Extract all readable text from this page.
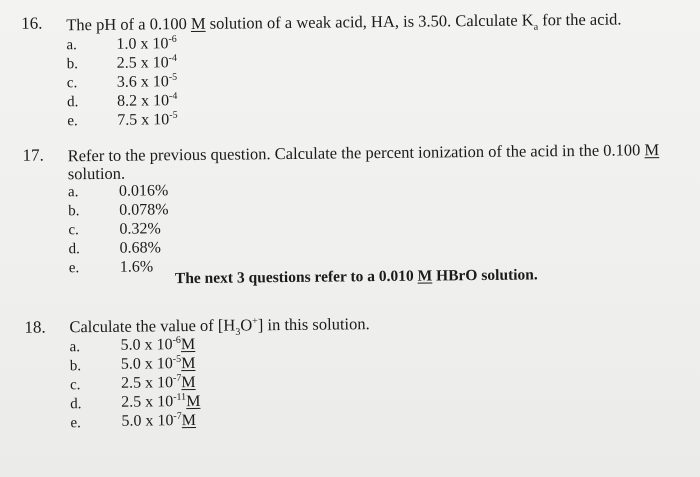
16. The pH of a 0.100 M solution of a weak acid, HA, is 3.50. Calculate $K_a$ for the acid.
a. 1.0 x $10^{-6}$
b. 2.5 x $10^{-4}$
c. 3.6 x $10^{-5}$
d. 8.2 x $10^{-4}$
e. 7.5 x $10^{-5}$
17. Refer to the previous question. Calculate the percent ionization of the acid in the 0.100 M
solution.
a.	0.016%
b. 0.078%
c.	0.32%
d. 0.68%
e.	1.6%
The next 3 questions refer to a 0.010 M HBrO solution.
18. Calculate the value of $[H_3O^+]$ in this solution.
a.	5.0 x $10^{-6}M$
b. 5.0 x $10^{-5}M$
c.	2.5 x $10^{-7}M$
d. 2.5 x $10^{-11}M$
e.	5.0 x $10^{-7}M$
